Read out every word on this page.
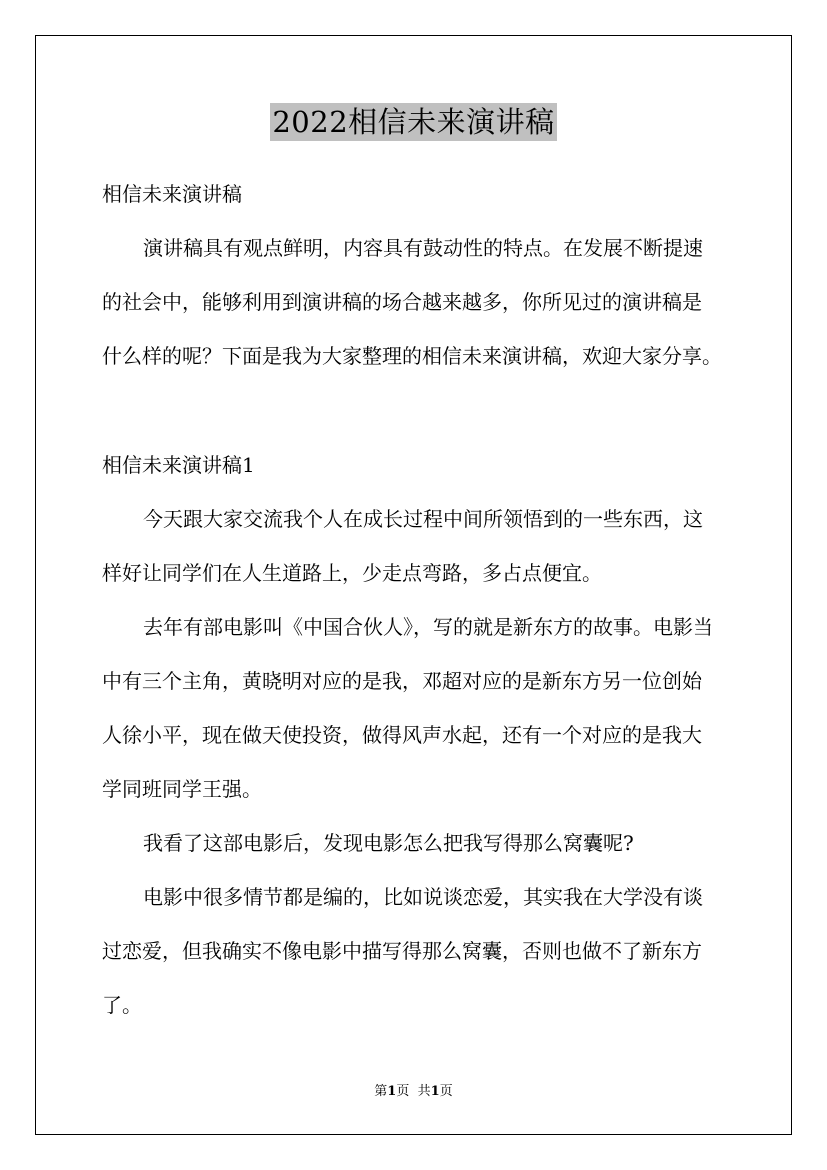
2022相信未来演讲稿
相信未来演讲稿
演讲稿具有观点鲜明，内容具有鼓动性的特点。在发展不断提速
的社会中，能够利用到演讲稿的场合越来越多，你所见过的演讲稿是
什么样的呢？下面是我为大家整理的相信未来演讲稿，欢迎大家分享。
相信未来演讲稿1
今天跟大家交流我个人在成长过程中间所领悟到的一些东西，这
样好让同学们在人生道路上，少走点弯路，多占点便宜。
去年有部电影叫《中国合伙人》，写的就是新东方的故事。电影当
中有三个主角，黄晓明对应的是我，邓超对应的是新东方另一位创始
人徐小平，现在做天使投资，做得风声水起，还有一个对应的是我大
学同班同学王强。
我看了这部电影后，发现电影怎么把我写得那么窝囊呢?
电影中很多情节都是编的，比如说谈恋爱，其实我在大学没有谈
过恋爱，但我确实不像电影中描写得那么窝囊，否则也做不了新东方
了。
第1页 共1页
